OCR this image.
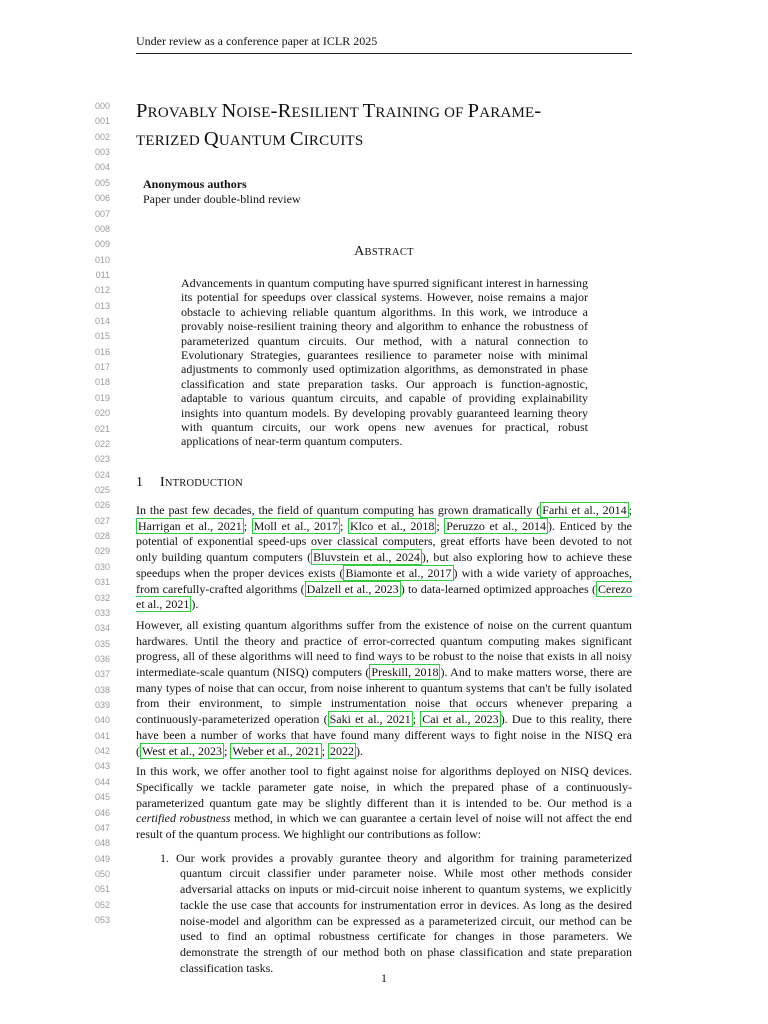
Under review as a conference paper at ICLR 2025
000
001
002
003
004
005
006
007
008
009
010
011
012
013
014
015
016
017
018
019
020
021
022
023
024
025
026
027
028
029
030
031
032
033
034
035
036
037
038
039
040
041
042
043
044
045
046
047
048
049
050
051
052
053
PROVABLY NOISE-RESILIENT TRAINING OF PARAME-
TERIZED QUANTUM CIRCUITS
Anonymous authors
Paper under double-blind review
ABSTRACT
Advancements in quantum computing have spurred significant interest in harnessing its potential for speedups over classical systems. However, noise remains a major obstacle to achieving reliable quantum algorithms. In this work, we introduce a provably noise-resilient training theory and algorithm to enhance the robustness of parameterized quantum circuits. Our method, with a natural connection to Evolutionary Strategies, guarantees resilience to parameter noise with minimal adjustments to commonly used optimization algorithms, as demonstrated in phase classification and state preparation tasks. Our approach is function-agnostic, adaptable to various quantum circuits, and capable of providing explainability insights into quantum models. By developing provably guaranteed learning theory with quantum circuits, our work opens new avenues for practical, robust applications of near-term quantum computers.
1 INTRODUCTION

In the past few decades, the field of quantum computing has grown dramatically ( Farhi et al., 2014 ; Harrigan et al., 2021 ; Moll et al., 2017 ; Klco et al., 2018 ; Peruzzo et al., 2014 ). Enticed by the potential of exponential speed-ups over classical computers, great efforts have been devoted to not only building quantum computers ( Bluvstein et al., 2024 ), but also exploring how to achieve these speedups when the proper devices exists ( Biamonte et al., 2017 ) with a wide variety of approaches, from carefully-crafted algorithms ( Dalzell et al., 2023 ) to data-learned optimized approaches ( Cerezo et al., 2021 ).

However, all existing quantum algorithms suffer from the existence of noise on the current quantum hardwares. Until the theory and practice of error-corrected quantum computing makes significant progress, all of these algorithms will need to find ways to be robust to the noise that exists in all noisy intermediate-scale quantum (NISQ) computers ( Preskill, 2018 ). And to make matters worse, there are many types of noise that can occur, from noise inherent to quantum systems that can't be fully isolated from their environment, to simple instrumentation noise that occurs whenever preparing a continuously-parameterized operation ( Saki et al., 2021 ; Cai et al., 2023 ). Due to this reality, there have been a number of works that have found many different ways to fight noise in the NISQ era ( West et al., 2023 ; Weber et al., 2021 ; 2022 ).

In this work, we offer another tool to fight against noise for algorithms deployed on NISQ devices. Specifically we tackle parameter gate noise, in which the prepared phase of a continuously-parameterized quantum gate may be slightly different than it is intended to be. Our method is a certified robustness method, in which we can guarantee a certain level of noise will not affect the end result of the quantum process. We highlight our contributions as follow:

1. Our work provides a provably gurantee theory and algorithm for training parameterized quantum circuit classifier under parameter noise. While most other methods consider adversarial attacks on inputs or mid-circuit noise inherent to quantum systems, we explicitly tackle the use case that accounts for instrumentation error in devices. As long as the desired noise-model and algorithm can be expressed as a parameterized circuit, our method can be used to find an optimal robustness certificate for changes in those parameters. We demonstrate the strength of our method both on phase classification and state preparation classification tasks.
1
